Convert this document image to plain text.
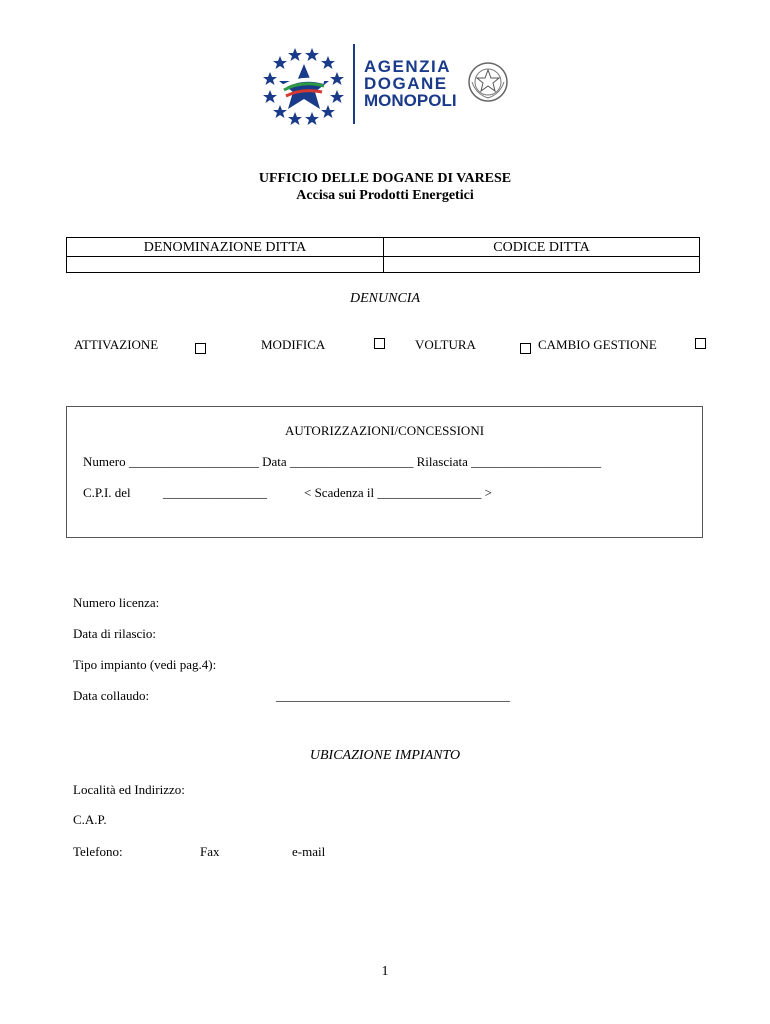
AGENZIA
DOGANE
MONOPOLI
UFFICIO DELLE DOGANE DI VARESE
Accisa sui Prodotti Energetici
DENOMINAZIONE DITTA	CODICE DITTA
DENUNCIA
ATTIVAZIONE	MODIFICA	VOLTURA	CAMBIO GESTIONE
AUTORIZZAZIONI/CONCESSIONI
Numero ____________________ Data ___________________ Rilasciata ____________________
C.P.I. del ________________	< Scadenza il ________________ >
Numero licenza:
Data di rilascio:
Tipo impianto (vedi pag.4):
Data collaudo:	____________________________________
UBICAZIONE IMPIANTO
Località ed Indirizzo:
C.A.P.
Telefono:	Fax	e-mail
1
